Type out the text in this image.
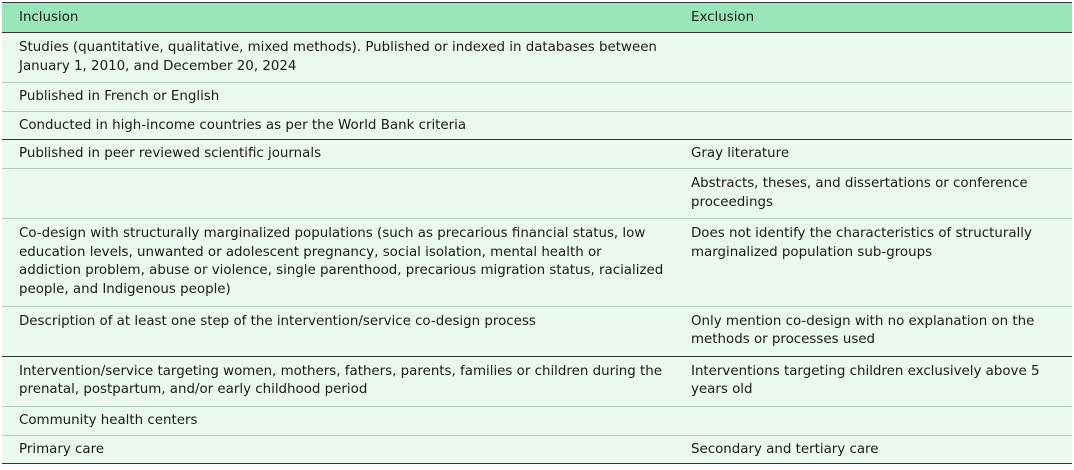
Inclusion	Exclusion
Studies (quantitative, qualitative, mixed methods). Published or indexed in databases between January 1, 2010, and December 20, 2024	
Published in French or English	
Conducted in high-income countries as per the World Bank criteria	
Published in peer reviewed scientific journals	Gray literature
	Abstracts, theses, and dissertations or conference proceedings
Co-design with structurally marginalized populations (such as precarious financial status, low education levels, unwanted or adolescent pregnancy, social isolation, mental health or addiction problem, abuse or violence, single parenthood, precarious migration status, racialized people, and Indigenous people)	Does not identify the characteristics of structurally marginalized population sub-groups
Description of at least one step of the intervention/service co-design process	Only mention co-design with no explanation on the methods or processes used
Intervention/service targeting women, mothers, fathers, parents, families or children during the prenatal, postpartum, and/or early childhood period	Interventions targeting children exclusively above 5 years old
Community health centers	
Primary care	Secondary and tertiary care
